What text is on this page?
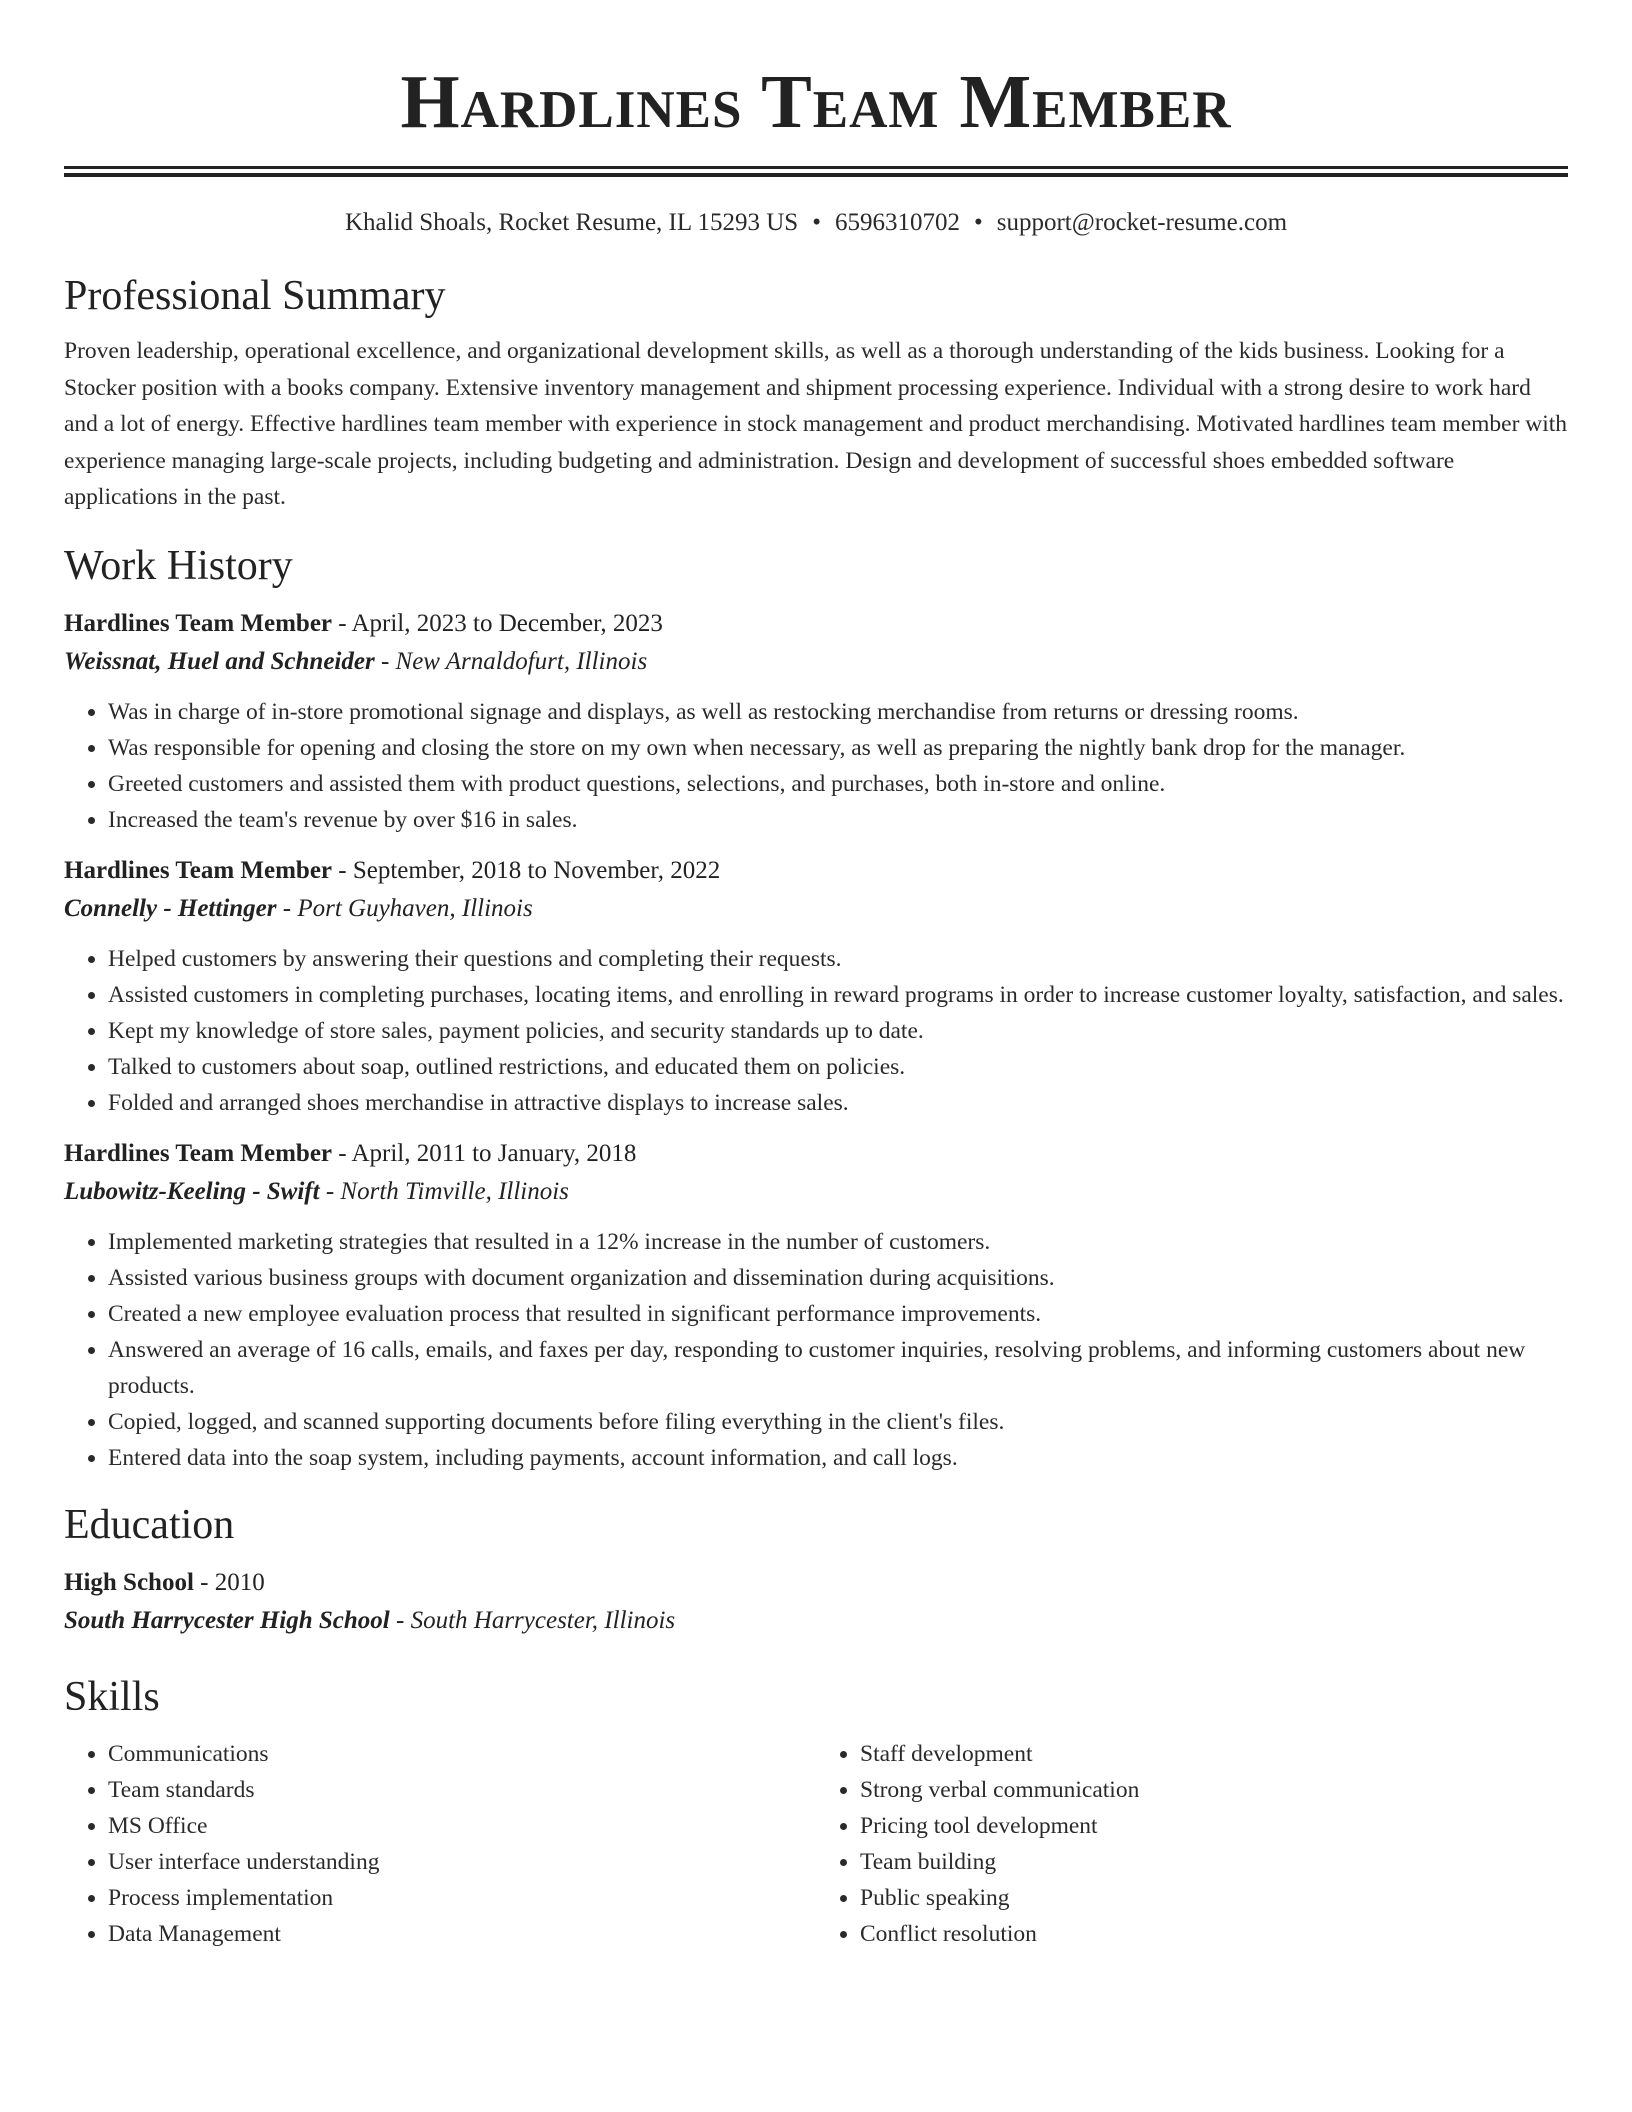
Hardlines Team Member
Khalid Shoals, Rocket Resume, IL 15293 US • 6596310702 • support@rocket-resume.com
Professional Summary

Proven leadership, operational excellence, and organizational development skills, as well as a thorough understanding of the kids business. Looking for a Stocker position with a books company. Extensive inventory management and shipment processing experience. Individual with a strong desire to work hard and a lot of energy. Effective hardlines team member with experience in stock management and product merchandising. Motivated hardlines team member with experience managing large-scale projects, including budgeting and administration. Design and development of successful shoes embedded software applications in the past.

Work History

Hardlines Team Member - April, 2023 to December, 2023

Weissnat, Huel and Schneider - New Arnaldofurt, Illinois

• Was in charge of in-store promotional signage and displays, as well as restocking merchandise from returns or dressing rooms.
• Was responsible for opening and closing the store on my own when necessary, as well as preparing the nightly bank drop for the manager.
• Greeted customers and assisted them with product questions, selections, and purchases, both in-store and online.
• Increased the team's revenue by over $16 in sales.

Hardlines Team Member - September, 2018 to November, 2022

Connelly - Hettinger - Port Guyhaven, Illinois

• Helped customers by answering their questions and completing their requests.
• Assisted customers in completing purchases, locating items, and enrolling in reward programs in order to increase customer loyalty, satisfaction, and sales.
• Kept my knowledge of store sales, payment policies, and security standards up to date.
• Talked to customers about soap, outlined restrictions, and educated them on policies.
• Folded and arranged shoes merchandise in attractive displays to increase sales.

Hardlines Team Member - April, 2011 to January, 2018

Lubowitz-Keeling - Swift - North Timville, Illinois

• Implemented marketing strategies that resulted in a 12% increase in the number of customers.
• Assisted various business groups with document organization and dissemination during acquisitions.
• Created a new employee evaluation process that resulted in significant performance improvements.
• Answered an average of 16 calls, emails, and faxes per day, responding to customer inquiries, resolving problems, and informing customers about new products.
• Copied, logged, and scanned supporting documents before filing everything in the client's files.
• Entered data into the soap system, including payments, account information, and call logs.
Education

High School - 2010

South Harrycester High School - South Harrycester, Illinois

Skills
• Communications
• Team standards
• MS Office
• User interface understanding
• Process implementation
• Data Management
• Staff development
• Strong verbal communication
• Pricing tool development
• Team building
• Public speaking
• Conflict resolution
